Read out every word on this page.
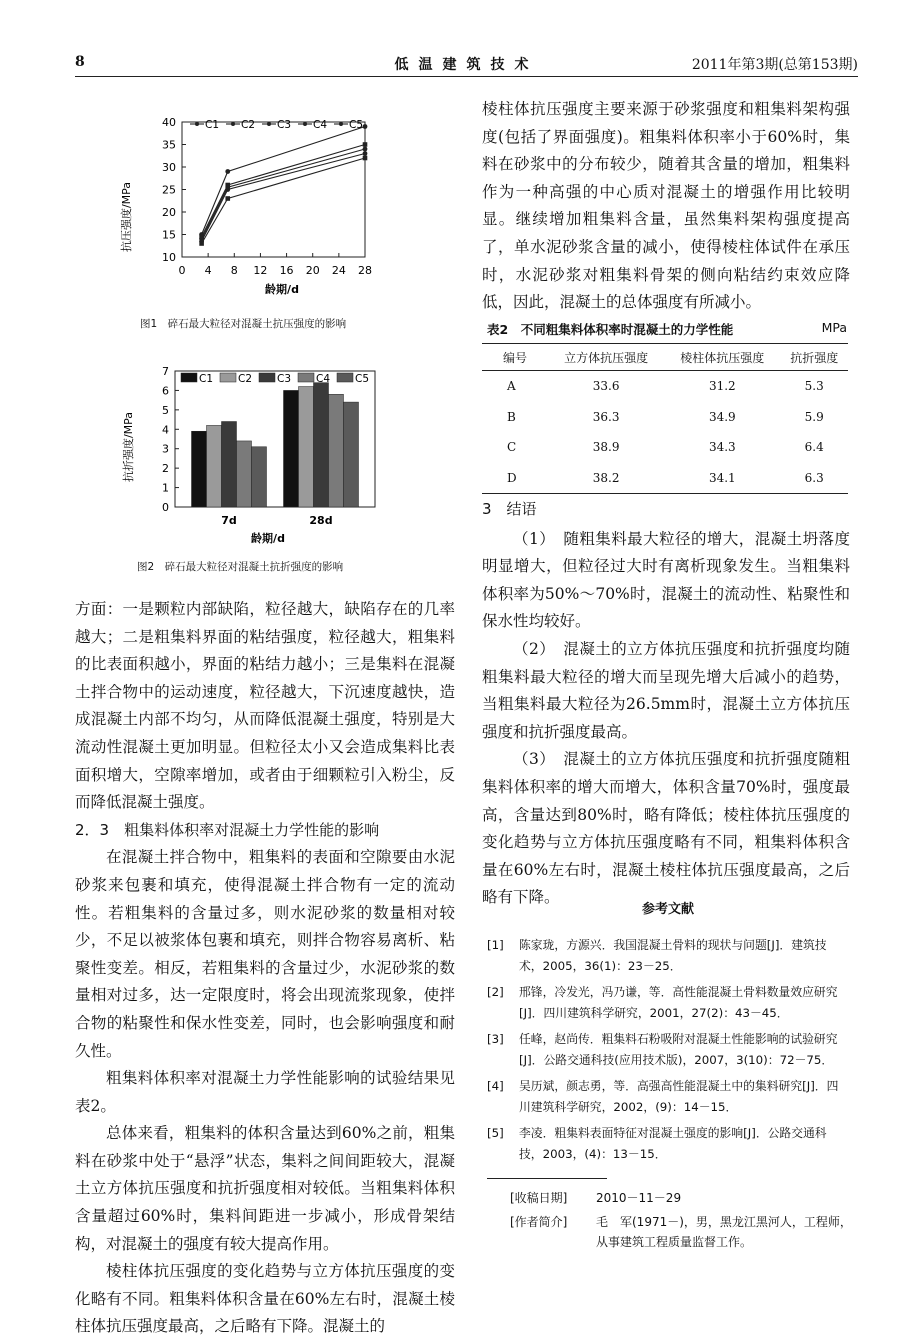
8	低温建筑技术	2011年第3期(总第153期)
抗压强度/MPa
龄期/d
10
15
20
25
30
35
40
0 4 8 12 16 20 24 28
C1 C2 C3 C4 C5
图1　碎石最大粒径对混凝土抗压强度的影响
抗折强度/MPa
龄期/d
0
1
2
3
4
5
6
7
7d	28d
C1 C2 C3 C4 C5
图2　碎石最大粒径对混凝土抗折强度的影响

方面：一是颗粒内部缺陷，粒径越大，缺陷存在的几率越大；二是粗集料界面的粘结强度，粒径越大，粗集料的比表面积越小，界面的粘结力越小；三是集料在混凝土拌合物中的运动速度，粒径越大，下沉速度越快，造成混凝土内部不均匀，从而降低混凝土强度，特别是大流动性混凝土更加明显。但粒径太小又会造成集料比表面积增大，空隙率增加，或者由于细颗粒引入粉尘，反而降低混凝土强度。

2．3　粗集料体积率对混凝土力学性能的影响

在混凝土拌合物中，粗集料的表面和空隙要由水泥砂浆来包裹和填充，使得混凝土拌合物有一定的流动性。若粗集料的含量过多，则水泥砂浆的数量相对较少，不足以被浆体包裹和填充，则拌合物容易离析、粘聚性变差。相反，若粗集料的含量过少，水泥砂浆的数量相对过多，达一定限度时，将会出现流浆现象，使拌合物的粘聚性和保水性变差，同时，也会影响强度和耐久性。

粗集料体积率对混凝土力学性能影响的试验结果见表2。

总体来看，粗集料的体积含量达到60%之前，粗集料在砂浆中处于“悬浮”状态，集料之间间距较大，混凝土立方体抗压强度和抗折强度相对较低。当粗集料体积含量超过60%时，集料间距进一步减小，形成骨架结构，对混凝土的强度有较大提高作用。

棱柱体抗压强度的变化趋势与立方体抗压强度的变化略有不同。粗集料体积含量在60%左右时，混凝土棱柱体抗压强度最高，之后略有下降。混凝土的

棱柱体抗压强度主要来源于砂浆强度和粗集料架构强度(包括了界面强度)。粗集料体积率小于60%时，集料在砂浆中的分布较少，随着其含量的增加，粗集料作为一种高强的中心质对混凝土的增强作用比较明显。继续增加粗集料含量，虽然集料架构强度提高了，单水泥砂浆含量的减小，使得棱柱体试件在承压时，水泥砂浆对粗集料骨架的侧向粘结约束效应降低，因此，混凝土的总体强度有所减小。

表2　不同粗集料体积率时混凝土的力学性能	MPa
编号	立方体抗压强度	棱柱体抗压强度	抗折强度
A	33.6	31.2	5.3
B	36.3	34.9	5.9
C	38.9	34.3	6.4
D	38.2	34.1	6.3

3　结语

（1）　随粗集料最大粒径的增大，混凝土坍落度明显增大，但粒径过大时有离析现象发生。当粗集料体积率为50%～70%时，混凝土的流动性、粘聚性和保水性均较好。

（2）　混凝土的立方体抗压强度和抗折强度均随粗集料最大粒径的增大而呈现先增大后减小的趋势，当粗集料最大粒径为26.5mm时，混凝土立方体抗压强度和抗折强度最高。

（3）　混凝土的立方体抗压强度和抗折强度随粗集料体积率的增大而增大，体积含量70%时，强度最高，含量达到80%时，略有降低；棱柱体抗压强度的变化趋势与立方体抗压强度略有不同，粗集料体积含量在60%左右时，混凝土棱柱体抗压强度最高，之后略有下降。

参考文献
[1]	陈家珑，方源兴．我国混凝土骨料的现状与问题[J]．建筑技术，2005，36(1)：23－25．
[2]	邢锋，冷发光，冯乃谦，等．高性能混凝土骨料数量效应研究[J]．四川建筑科学研究，2001，27(2)：43－45．
[3]	任峰，赵尚传．粗集料石粉吸附对混凝土性能影响的试验研究[J]．公路交通科技(应用技术版)，2007，3(10)：72－75．
[4]	吴历斌，颜志勇，等．高强高性能混凝土中的集料研究[J]．四川建筑科学研究，2002，(9)：14－15．
[5]	李凌．粗集料表面特征对混凝土强度的影响[J]．公路交通科技，2003，(4)：13－15．
[收稿日期]	2010－11－29
[作者简介]	毛　军(1971－)，男，黑龙江黑河人，工程师，从事建筑工程质量监督工作。
